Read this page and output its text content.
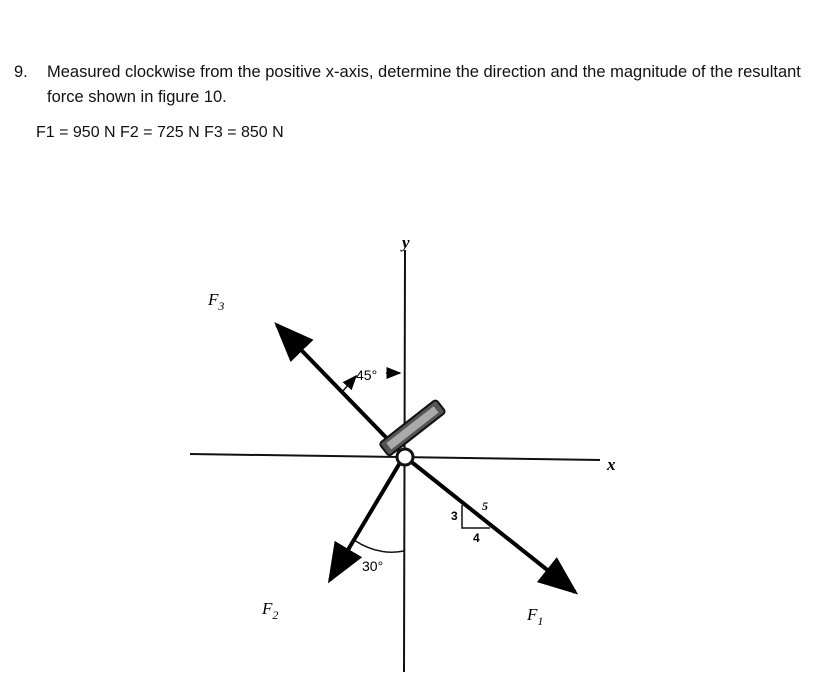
9.	Measured clockwise from the positive x-axis, determine the direction and the magnitude of the resultant force shown in figure 10.
F1 = 950 N F2 = 725 N F3 = 850 N
x
y
45°
30°
3
4
5
$F_3$
$F_2$	$F_1$
